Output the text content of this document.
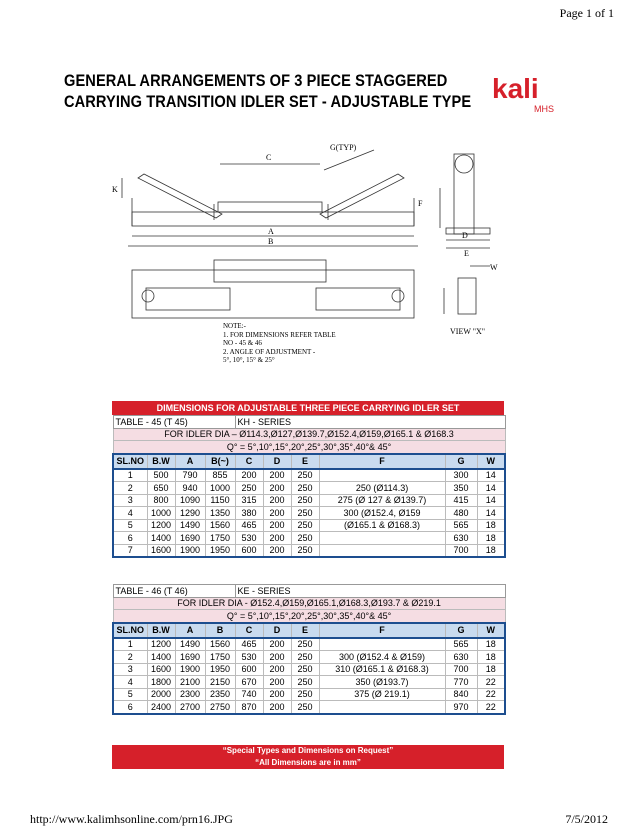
Page 1 of 1
GENERAL ARRANGEMENTS OF 3 PIECE STAGGERED
CARRYING TRANSITION IDLER SET - ADJUSTABLE TYPE kali
MHS
C
G(TYP)
A
B
K
F
D
E
W
VIEW "X"
NOTE:-
1. FOR DIMENSIONS REFER TABLE
NO - 45 & 46
2. ANGLE OF ADJUSTMENT -
5°, 10°, 15° & 25°
DIMENSIONS FOR ADJUSTABLE THREE PIECE CARRYING IDLER SET
TABLE - 45 (T 45)				KH - SERIES					
FOR IDLER DIA – Ø114.3,Ø127,Ø139.7,Ø152.4,Ø159,Ø165.1 & Ø168.3									
Q° = 5°,10°,15°,20°,25°,30°,35°,40°& 45°									
SL.NO	B.W	A	B(~)	C	D	E	F	G	W
1	500	790	855	200	200	250		300	14
2	650	940	1000	250	200	250	250 (Ø114.3)	350	14
3	800	1090	1150	315	200	250	275 (Ø 127 & Ø139.7)	415	14
4	1000	1290	1350	380	200	250	300 (Ø152.4, Ø159	480	14
5	1200	1490	1560	465	200	250	(Ø165.1 & Ø168.3)	565	18
6	1400	1690	1750	530	200	250		630	18
7	1600	1900	1950	600	200	250		700	18
TABLE - 46 (T 46)				KE - SERIES					
FOR IDLER DIA - Ø152.4,Ø159,Ø165.1,Ø168.3,Ø193.7 & Ø219.1									
Q° = 5°,10°,15°,20°,25°,30°,35°,40°& 45°									
SL.NO	B.W	A	B	C	D	E	F	G	W
1	1200	1490	1560	465	200	250		565	18
2	1400	1690	1750	530	200	250	300 (Ø152.4 & Ø159)	630	18
3	1600	1900	1950	600	200	250	310 (Ø165.1 & Ø168.3)	700	18
4	1800	2100	2150	670	200	250	350 (Ø193.7)	770	22
5	2000	2300	2350	740	200	250	375 (Ø 219.1)	840	22
6	2400	2700	2750	870	200	250		970	22
“Special Types and Dimensions on Request”
“All Dimensions are in mm”
http://www.kalimhsonline.com/prn16.JPG	7/5/2012
